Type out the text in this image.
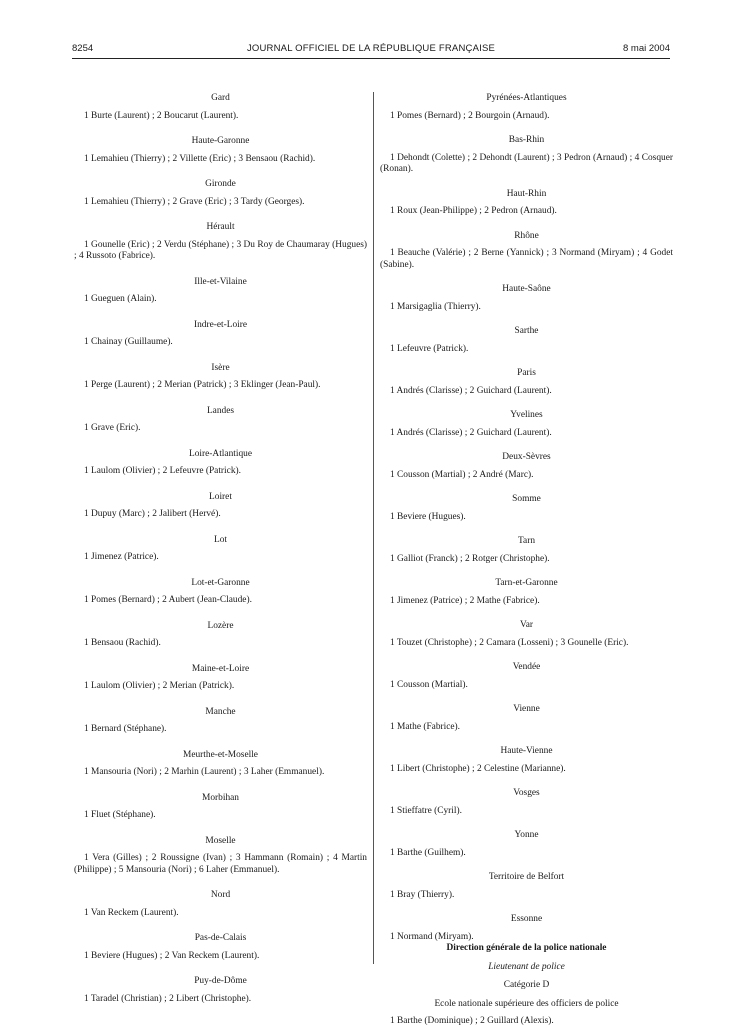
8254	JOURNAL OFFICIEL DE LA RÉPUBLIQUE FRANÇAISE	8 mai 2004

Gard

1 Burte (Laurent) ; 2 Boucarut (Laurent).

Haute-Garonne

1 Lemahieu (Thierry) ; 2 Villette (Eric) ; 3 Bensaou (Rachid).

Gironde

1 Lemahieu (Thierry) ; 2 Grave (Eric) ; 3 Tardy (Georges).

Hérault

1 Gounelle (Eric) ; 2 Verdu (Stéphane) ; 3 Du Roy de Chaumaray (Hugues) ; 4 Russoto (Fabrice).

Ille-et-Vilaine

1 Gueguen (Alain).

Indre-et-Loire

1 Chainay (Guillaume).

Isère

1 Perge (Laurent) ; 2 Merian (Patrick) ; 3 Eklinger (Jean-Paul).

Landes

1 Grave (Eric).

Loire-Atlantique

1 Laulom (Olivier) ; 2 Lefeuvre (Patrick).

Loiret

1 Dupuy (Marc) ; 2 Jalibert (Hervé).

Lot

1 Jimenez (Patrice).

Lot-et-Garonne

1 Pomes (Bernard) ; 2 Aubert (Jean-Claude).

Lozère

1 Bensaou (Rachid).

Maine-et-Loire

1 Laulom (Olivier) ; 2 Merian (Patrick).

Manche

1 Bernard (Stéphane).

Meurthe-et-Moselle

1 Mansouria (Nori) ; 2 Marhin (Laurent) ; 3 Laher (Emmanuel).

Morbihan

1 Fluet (Stéphane).

Moselle

1 Vera (Gilles) ; 2 Roussigne (Ivan) ; 3 Hammann (Romain) ; 4 Martin (Philippe) ; 5 Mansouria (Nori) ; 6 Laher (Emmanuel).

Nord

1 Van Reckem (Laurent).

Pas-de-Calais

1 Beviere (Hugues) ; 2 Van Reckem (Laurent).

Puy-de-Dôme

1 Taradel (Christian) ; 2 Libert (Christophe).

Pyrénées-Atlantiques

1 Pomes (Bernard) ; 2 Bourgoin (Arnaud).

Bas-Rhin

1 Dehondt (Colette) ; 2 Dehondt (Laurent) ; 3 Pedron (Arnaud) ; 4 Cosquer (Ronan).

Haut-Rhin

1 Roux (Jean-Philippe) ; 2 Pedron (Arnaud).

Rhône

1 Beauche (Valérie) ; 2 Berne (Yannick) ; 3 Normand (Miryam) ; 4 Godet (Sabine).

Haute-Saône

1 Marsigaglia (Thierry).

Sarthe

1 Lefeuvre (Patrick).

Paris

1 Andrés (Clarisse) ; 2 Guichard (Laurent).

Yvelines

1 Andrés (Clarisse) ; 2 Guichard (Laurent).

Deux-Sèvres

1 Cousson (Martial) ; 2 André (Marc).

Somme

1 Beviere (Hugues).

Tarn

1 Galliot (Franck) ; 2 Rotger (Christophe).

Tarn-et-Garonne

1 Jimenez (Patrice) ; 2 Mathe (Fabrice).

Var

1 Touzet (Christophe) ; 2 Camara (Losseni) ; 3 Gounelle (Eric).

Vendée

1 Cousson (Martial).

Vienne

1 Mathe (Fabrice).

Haute-Vienne

1 Libert (Christophe) ; 2 Celestine (Marianne).

Vosges

1 Stieffatre (Cyril).

Yonne

1 Barthe (Guilhem).

Territoire de Belfort

1 Bray (Thierry).

Essonne

1 Normand (Miryam).

Direction générale de la police nationale

Lieutenant de police

Catégorie D

Ecole nationale supérieure des officiers de police

1 Barthe (Dominique) ; 2 Guillard (Alexis).
